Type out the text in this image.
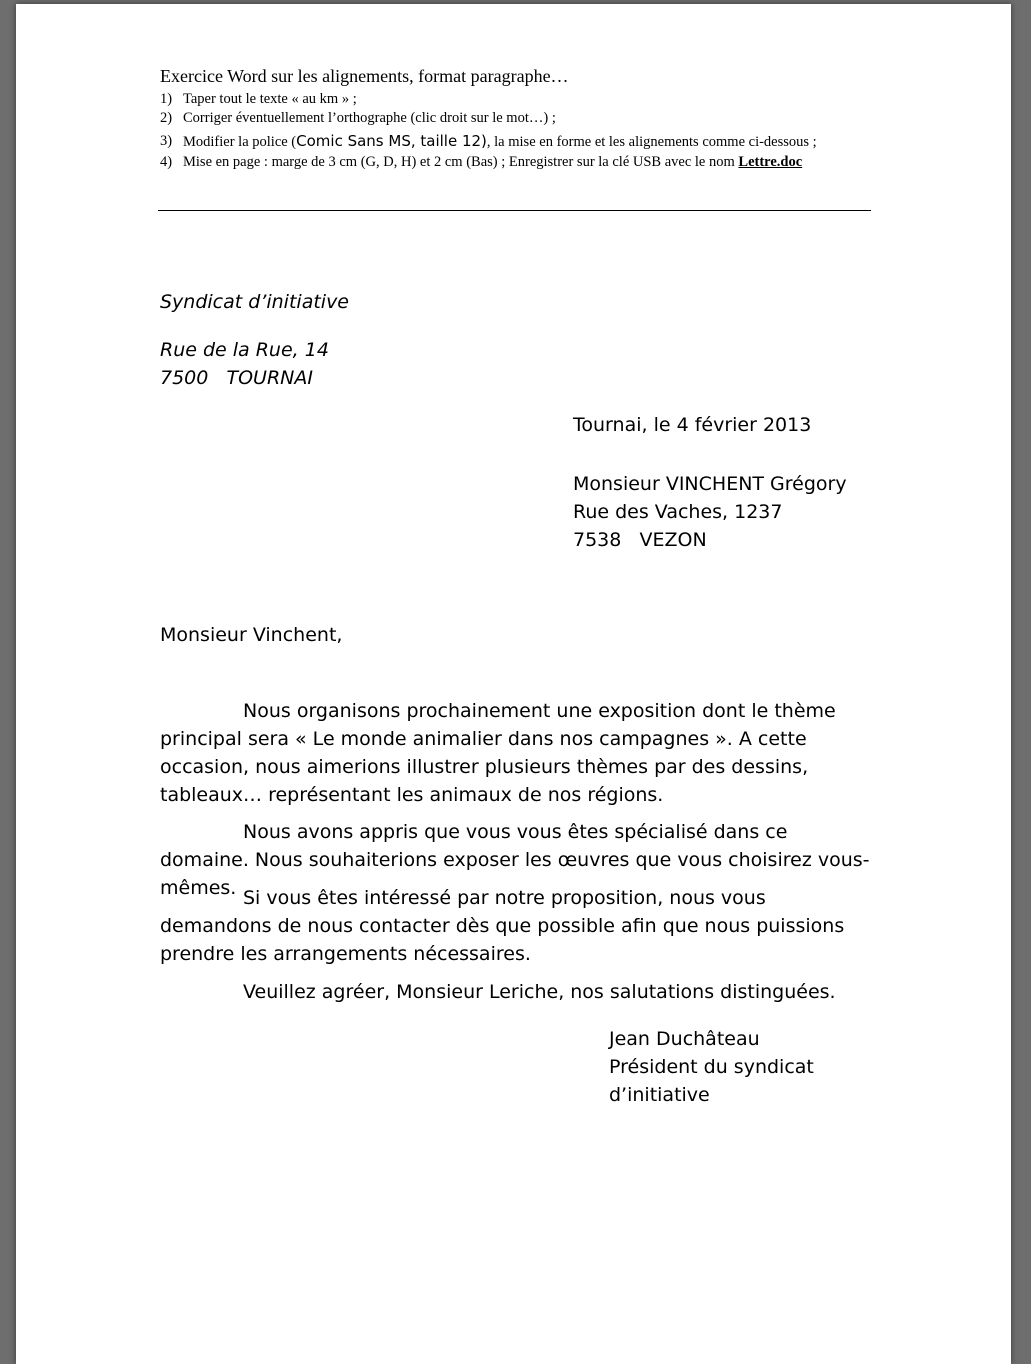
Exercice Word sur les alignements, format paragraphe…
1) Taper tout le texte « au km » ;
2) Corriger éventuellement l’orthographe (clic droit sur le mot…) ;
3) Modifier la police (Comic Sans MS, taille 12), la mise en forme et les alignements comme ci-dessous ;
4) Mise en page : marge de 3 cm (G, D, H) et 2 cm (Bas) ; Enregistrer sur la clé USB avec le nom Lettre.doc
Syndicat d’initiative
Rue de la Rue, 14
7500   TOURNAI
Tournai, le 4 février 2013
Monsieur VINCHENT Grégory
Rue des Vaches, 1237
7538   VEZON
Monsieur Vinchent,

Nous organisons prochainement une exposition dont le thème principal sera « Le monde animalier dans nos campagnes ». A cette occasion, nous aimerions illustrer plusieurs thèmes par des dessins, tableaux… représentant les animaux de nos régions.

Nous avons appris que vous vous êtes spécialisé dans ce domaine. Nous souhaiterions exposer les œuvres que vous choisirez vous-mêmes. Si vous êtes intéressé par notre proposition, nous vous demandons de nous contacter dès que possible afin que nous puissions prendre les arrangements nécessaires.

Veuillez agréer, Monsieur Leriche, nos salutations distinguées.

Jean Duchâteau
Président du syndicat
d’initiative
